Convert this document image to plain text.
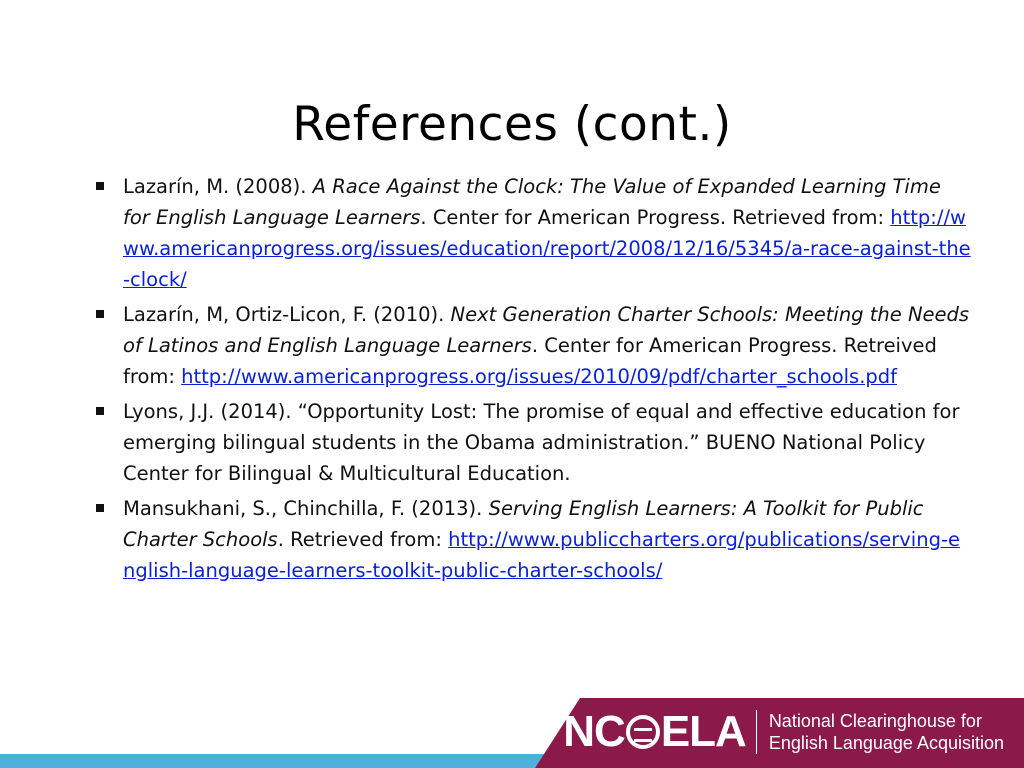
References (cont.)
Lazarín, M. (2008). A Race Against the Clock: The Value of Expanded Learning Time for English Language Learners. Center for American Progress. Retrieved from: http://www.americanprogress.org/issues/education/report/2008/12/16/5345/a-race-against-the-clock/
Lazarín, M, Ortiz-Licon, F. (2010). Next Generation Charter Schools: Meeting the Needs of Latinos and English Language Learners. Center for American Progress. Retreived from: http://www.americanprogress.org/issues/2010/09/pdf/charter_schools.pdf
Lyons, J.J. (2014). “Opportunity Lost: The promise of equal and effective education for emerging bilingual students in the Obama administration.” BUENO National Policy Center for Bilingual & Multicultural Education.
Mansukhani, S., Chinchilla, F. (2013). Serving English Learners: A Toolkit for Public Charter Schools. Retrieved from: http://www.publiccharters.org/publications/serving-english-language-learners-toolkit-public-charter-schools/
NC ELA National Clearinghouse for
English Language Acquisition
